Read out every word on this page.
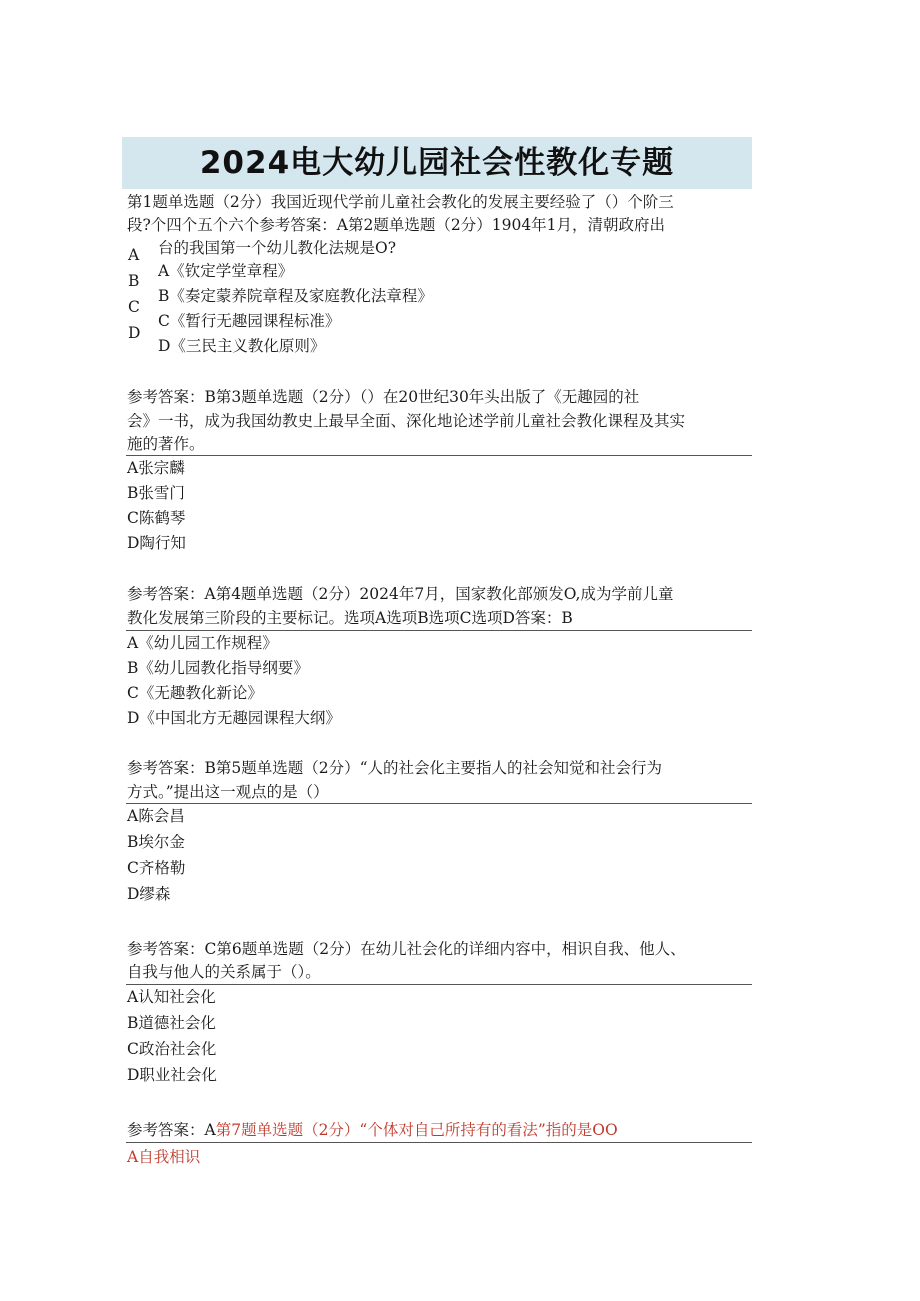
2024电大幼儿园社会性教化专题
第1题单选题（2分）我国近现代学前儿童社会教化的发展主要经验了（）个阶三
段?个四个五个六个参考答案：A第2题单选题（2分）1904年1月，清朝政府出
台的我国第一个幼儿教化法规是O?
A
B
C
D
A《钦定学堂章程》
B《奏定蒙养院章程及家庭教化法章程》
C《暂行无趣园课程标准》
D《三民主义教化原则》
参考答案：B第3题单选题（2分）（）在20世纪30年头出版了《无趣园的社
会》一书，成为我国幼教史上最早全面、深化地论述学前儿童社会教化课程及其实
施的著作。
A张宗麟
B张雪门
C陈鹤琴
D陶行知
参考答案：A第4题单选题（2分）2024年7月，国家教化部颁发O,成为学前儿童
教化发展第三阶段的主要标记。选项A选项B选项C选项D答案：B
A《幼儿园工作规程》
B《幼儿园教化指导纲要》
C《无趣教化新论》
D《中国北方无趣园课程大纲》
参考答案：B第5题单选题（2分）“人的社会化主要指人的社会知觉和社会行为
方式。”提出这一观点的是（）
A陈会昌
B埃尔金
C齐格勒
D缪森
参考答案：C第6题单选题（2分）在幼儿社会化的详细内容中，相识自我、他人、
自我与他人的关系属于（）。
A认知社会化
B道德社会化
C政治社会化
D职业社会化
参考答案：A第7题单选题（2分）“个体对自己所持有的看法”指的是OO
A自我相识
